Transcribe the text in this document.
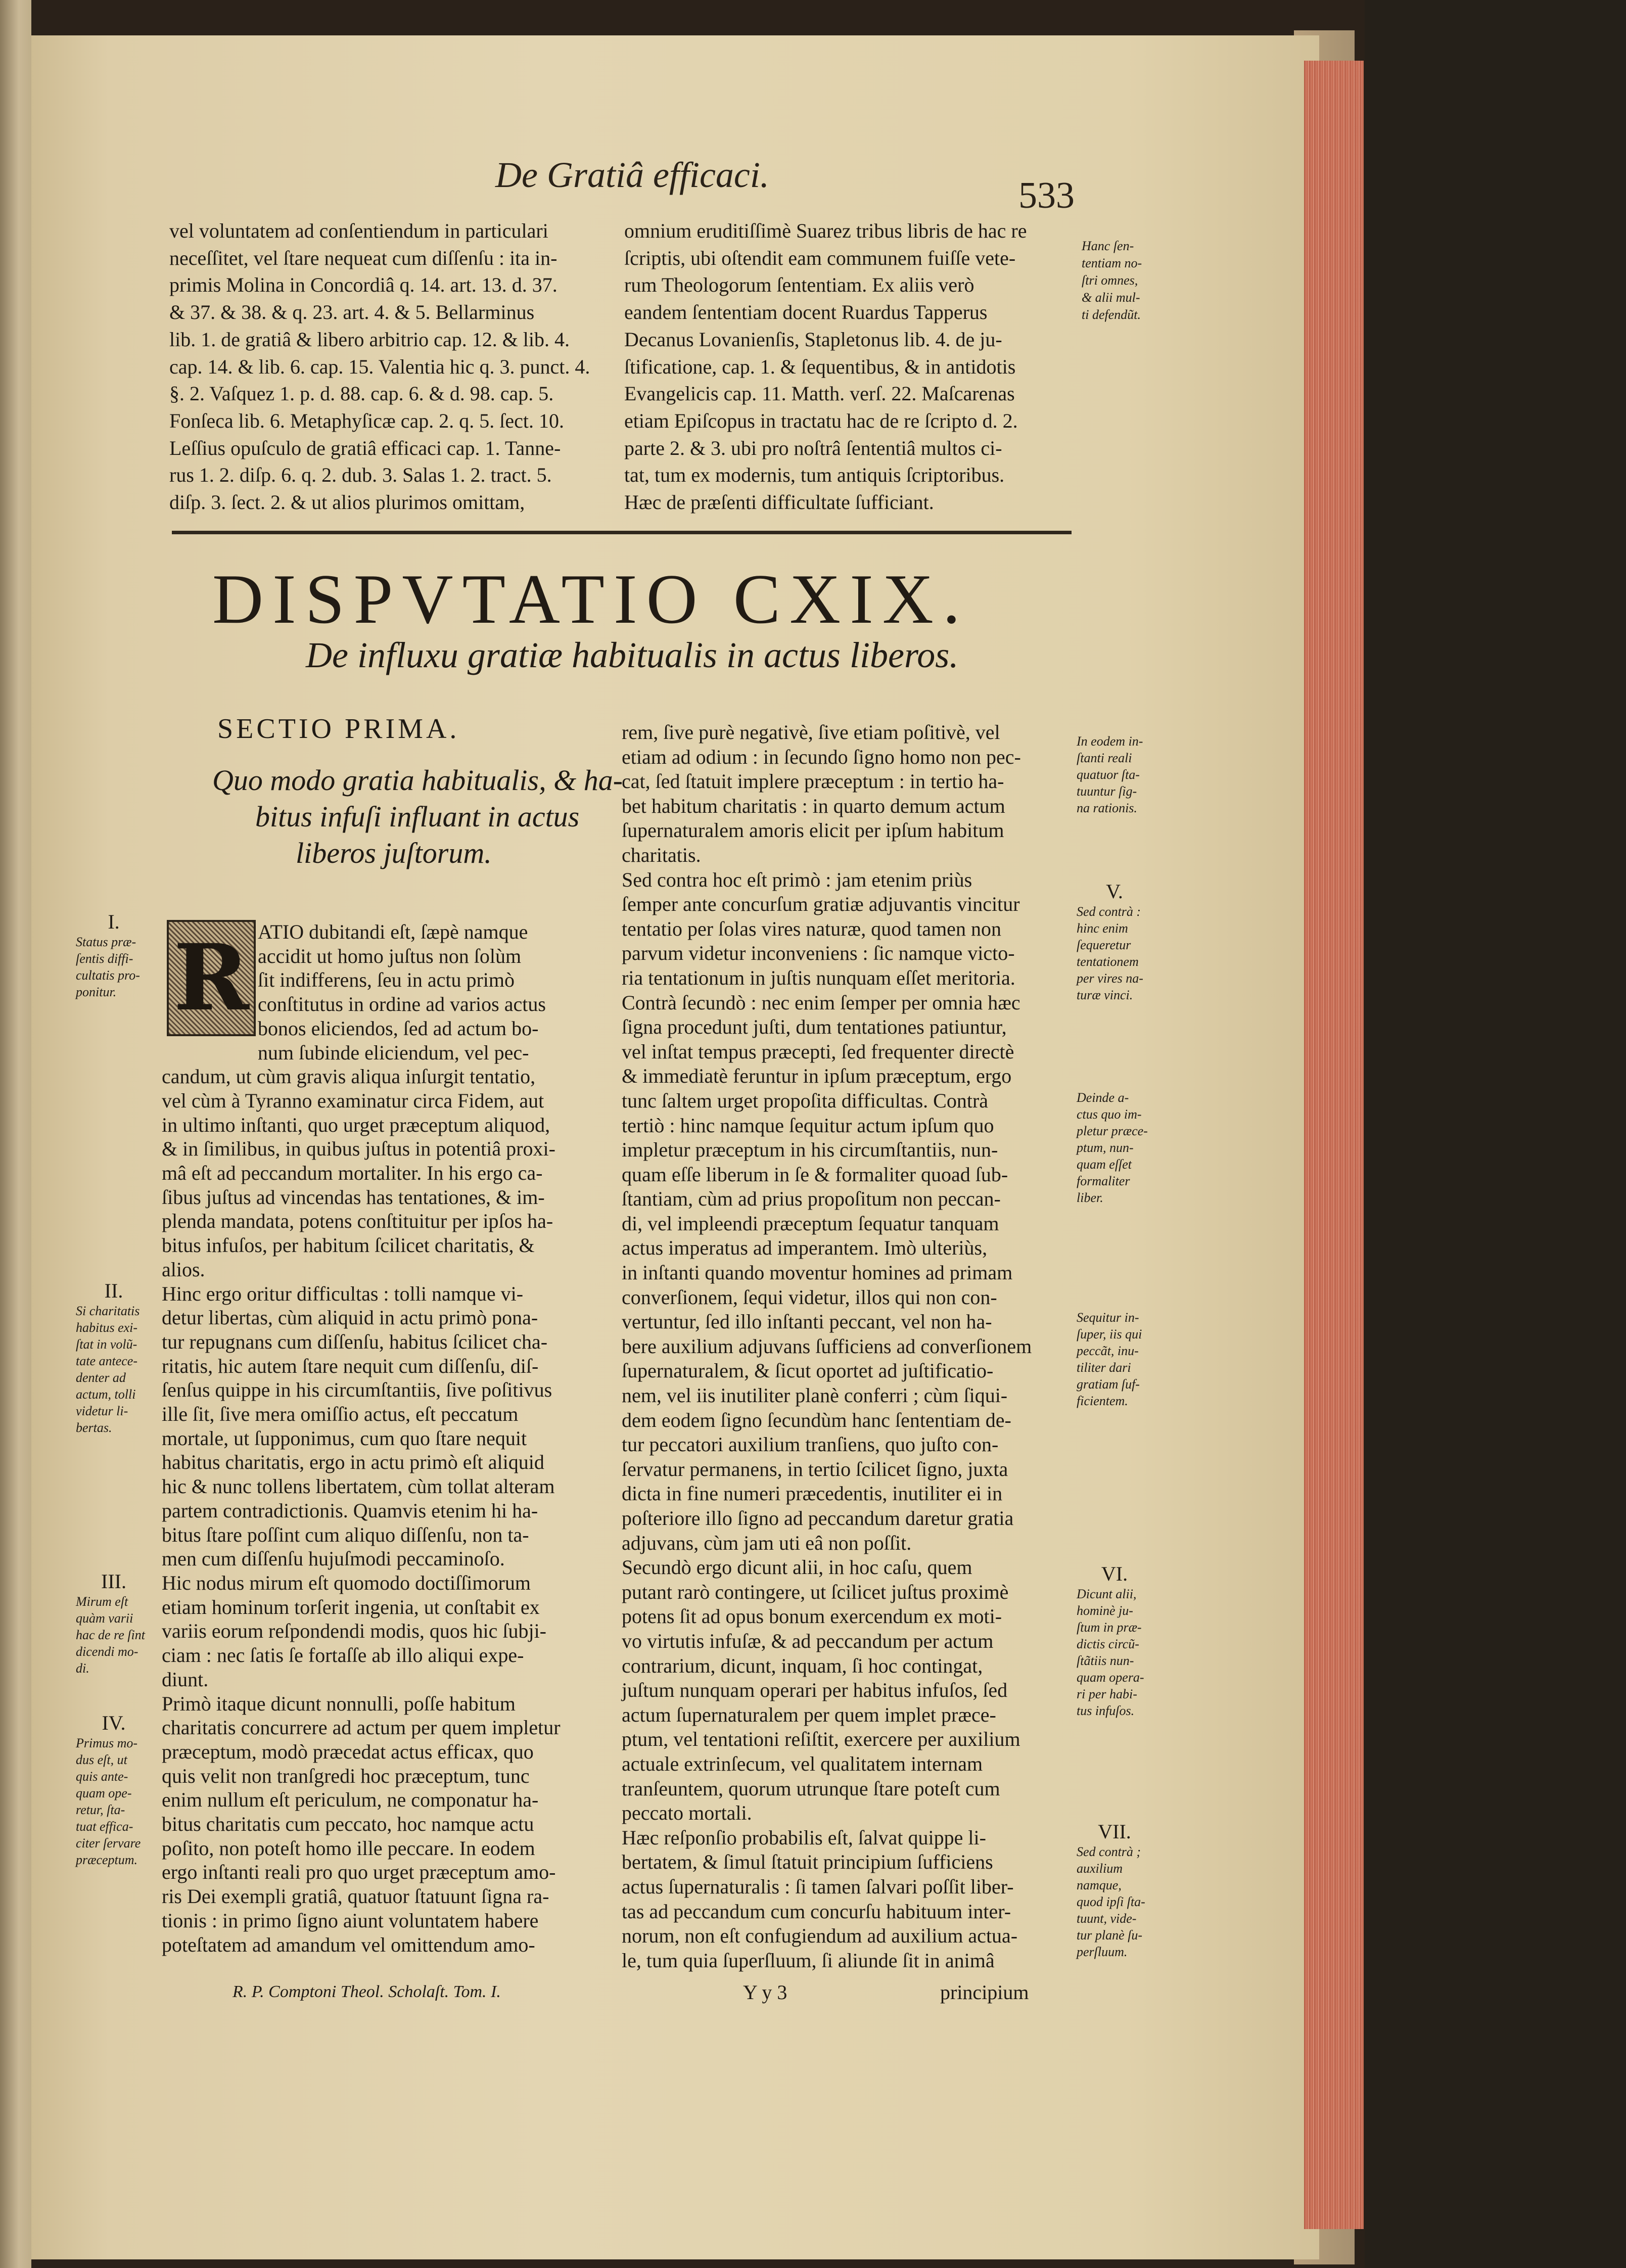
De Gratiâ efficaci.	533
vel voluntatem ad conſentiendum in particulari
neceſſitet, vel ſtare nequeat cum diſſenſu : ita in-
primis Molina in Concordiâ q. 14. art. 13. d. 37.
& 37. & 38. & q. 23. art. 4. & 5. Bellarminus
lib. 1. de gratiâ & libero arbitrio cap. 12. & lib. 4.
cap. 14. & lib. 6. cap. 15. Valentia hic q. 3. punct. 4.
§. 2. Vaſquez 1. p. d. 88. cap. 6. & d. 98. cap. 5.
Fonſeca lib. 6. Metaphyſicæ cap. 2. q. 5. ſect. 10.
Leſſius opuſculo de gratiâ efficaci cap. 1. Tanne-
rus 1. 2. diſp. 6. q. 2. dub. 3. Salas 1. 2. tract. 5.
diſp. 3. ſect. 2. & ut alios plurimos omittam,
omnium eruditiſſimè Suarez tribus libris de hac re
ſcriptis, ubi oſtendit eam communem fuiſſe vete-
rum Theologorum ſententiam. Ex aliis verò
eandem ſententiam docent Ruardus Tapperus
Decanus Lovanienſis, Stapletonus lib. 4. de ju-
ſtificatione, cap. 1. & ſequentibus, & in antidotis
Evangelicis cap. 11. Matth. verſ. 22. Maſcarenas
etiam Epiſcopus in tractatu hac de re ſcripto d. 2.
parte 2. & 3. ubi pro noſtrâ ſententiâ multos ci-
tat, tum ex modernis, tum antiquis ſcriptoribus.
Hæc de præſenti difficultate ſufficiant.
Hanc ſen-
tentiam no-
ſtri omnes,
& alii mul-
ti defendũt.
DISPVTATIO CXIX.
De influxu gratiæ habitualis in actus liberos.
SECTIO PRIMA.
Quo modo gratia habitualis, & ha-
bitus infuſi influant in actus
liberos juſtorum.
ATIO dubitandi eſt, ſæpè namque
accidit ut homo juſtus non ſolùm
ſit indifferens, ſeu in actu primò
conſtitutus in ordine ad varios actus
bonos eliciendos, ſed ad actum bo-
num ſubinde eliciendum, vel pec-
candum, ut cùm gravis aliqua inſurgit tentatio,
vel cùm à Tyranno examinatur circa Fidem, aut
in ultimo inſtanti, quo urget præceptum aliquod,
& in ſimilibus, in quibus juſtus in potentiâ proxi-
mâ eſt ad peccandum mortaliter. In his ergo ca-
ſibus juſtus ad vincendas has tentationes, & im-
plenda mandata, potens conſtituitur per ipſos ha-
bitus infuſos, per habitum ſcilicet charitatis, &
alios.
Hinc ergo oritur difficultas : tolli namque vi-
detur libertas, cùm aliquid in actu primò pona-
tur repugnans cum diſſenſu, habitus ſcilicet cha-
ritatis, hic autem ſtare nequit cum diſſenſu, diſ-
ſenſus quippe in his circumſtantiis, ſive poſitivus
ille ſit, ſive mera omiſſio actus, eſt peccatum
mortale, ut ſupponimus, cum quo ſtare nequit
habitus charitatis, ergo in actu primò eſt aliquid
hic & nunc tollens libertatem, cùm tollat alteram
partem contradictionis. Quamvis etenim hi ha-
bitus ſtare poſſint cum aliquo diſſenſu, non ta-
men cum diſſenſu hujuſmodi peccaminoſo.
Hic nodus mirum eſt quomodo doctiſſimorum
etiam hominum torſerit ingenia, ut conſtabit ex
variis eorum reſpondendi modis, quos hic ſubji-
ciam : nec ſatis ſe fortaſſe ab illo aliqui expe-
diunt.
Primò itaque dicunt nonnulli, poſſe habitum
charitatis concurrere ad actum per quem impletur
præceptum, modò præcedat actus efficax, quo
quis velit non tranſgredi hoc præceptum, tunc
enim nullum eſt periculum, ne componatur ha-
bitus charitatis cum peccato, hoc namque actu
poſito, non poteſt homo ille peccare. In eodem
ergo inſtanti reali pro quo urget præceptum amo-
ris Dei exempli gratiâ, quatuor ſtatuunt ſigna ra-
tionis : in primo ſigno aiunt voluntatem habere
poteſtatem ad amandum vel omittendum amo-
R
rem, ſive purè negativè, ſive etiam poſitivè, vel
etiam ad odium : in ſecundo ſigno homo non pec-
cat, ſed ſtatuit implere præceptum : in tertio ha-
bet habitum charitatis : in quarto demum actum
ſupernaturalem amoris elicit per ipſum habitum
charitatis.
Sed contra hoc eſt primò : jam etenim priùs
ſemper ante concurſum gratiæ adjuvantis vincitur
tentatio per ſolas vires naturæ, quod tamen non
parvum videtur inconveniens : ſic namque victo-
ria tentationum in juſtis nunquam eſſet meritoria.
Contrà ſecundò : nec enim ſemper per omnia hæc
ſigna procedunt juſti, dum tentationes patiuntur,
vel inſtat tempus præcepti, ſed frequenter directè
& immediatè feruntur in ipſum præceptum, ergo
tunc ſaltem urget propoſita difficultas. Contrà
tertiò : hinc namque ſequitur actum ipſum quo
impletur præceptum in his circumſtantiis, nun-
quam eſſe liberum in ſe & formaliter quoad ſub-
ſtantiam, cùm ad prius propoſitum non peccan-
di, vel impleendi præceptum ſequatur tanquam
actus imperatus ad imperantem. Imò ulteriùs,
in inſtanti quando moventur homines ad primam
converſionem, ſequi videtur, illos qui non con-
vertuntur, ſed illo inſtanti peccant, vel non ha-
bere auxilium adjuvans ſufficiens ad converſionem
ſupernaturalem, & ſicut oportet ad juſtificatio-
nem, vel iis inutiliter planè conferri ; cùm ſiqui-
dem eodem ſigno ſecundùm hanc ſententiam de-
tur peccatori auxilium tranſiens, quo juſto con-
ſervatur permanens, in tertio ſcilicet ſigno, juxta
dicta in fine numeri præcedentis, inutiliter ei in
poſteriore illo ſigno ad peccandum daretur gratia
adjuvans, cùm jam uti eâ non poſſit.
Secundò ergo dicunt alii, in hoc caſu, quem
putant rarò contingere, ut ſcilicet juſtus proximè
potens ſit ad opus bonum exercendum ex moti-
vo virtutis infuſæ, & ad peccandum per actum
contrarium, dicunt, inquam, ſi hoc contingat,
juſtum nunquam operari per habitus infuſos, ſed
actum ſupernaturalem per quem implet præce-
ptum, vel tentationi reſiſtit, exercere per auxilium
actuale extrinſecum, vel qualitatem internam
tranſeuntem, quorum utrunque ſtare poteſt cum
peccato mortali.
Hæc reſponſio probabilis eſt, ſalvat quippe li-
bertatem, & ſimul ſtatuit principium ſufficiens
actus ſupernaturalis : ſi tamen ſalvari poſſit liber-
tas ad peccandum cum concurſu habituum inter-
norum, non eſt confugiendum ad auxilium actua-
le, tum quia ſuperſluum, ſi aliunde ſit in animâ
I.
Status præ-
ſentis diffi-
cultatis pro-
ponitur.
II.
Si charitatis
habitus exi-
ſtat in volũ-
tate antece-
denter ad
actum, tolli
videtur li-
bertas.
III.
Mirum eſt
quàm varii
hac de re ſint
dicendi mo-
di.
IV.
Primus mo-
dus eſt, ut
quis ante-
quam ope-
retur, ſta-
tuat effica-
citer ſervare
præceptum.
In eodem in-
ſtanti reali
quatuor ſta-
tuuntur ſig-
na rationis.
V.
Sed contrà :
hinc enim
ſequeretur
tentationem
per vires na-
turæ vinci.
Deinde a-
ctus quo im-
pletur præce-
ptum, nun-
quam eſſet
formaliter
liber.
Sequitur in-
ſuper, iis qui
peccãt, inu-
tiliter dari
gratiam ſuf-
ficientem.
VI.
Dicunt alii,
hominè ju-
ſtum in præ-
dictis circũ-
ſtãtiis nun-
quam opera-
ri per habi-
tus infuſos.
VII.
Sed contrà ;
auxilium
namque,
quod ipſi ſta-
tuunt, vide-
tur planè ſu-
perſluum.
R. P. Comptoni Theol. Scholaſt. Tom. I.	Y y 3	principium
